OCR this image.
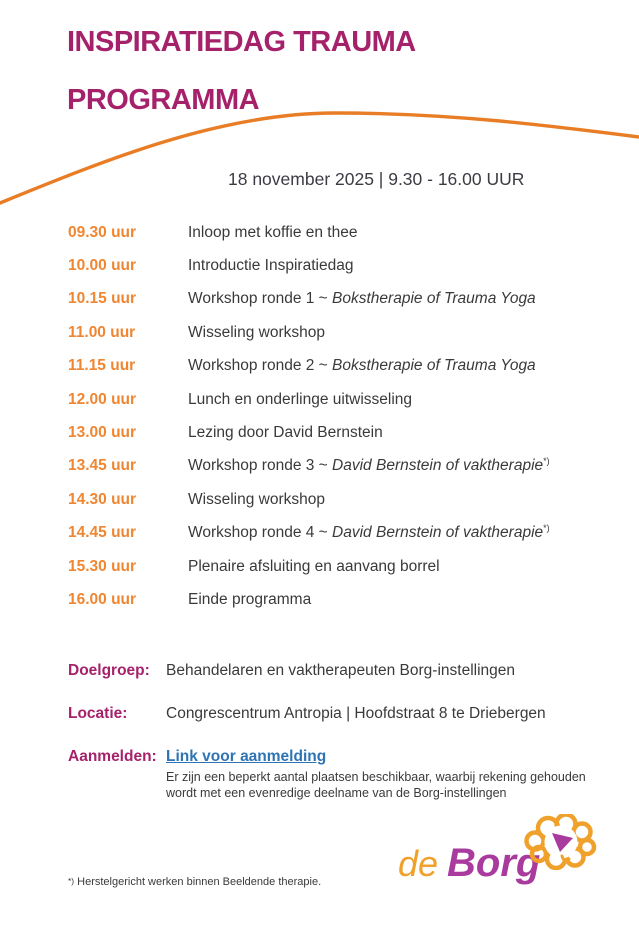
INSPIRATIEDAG TRAUMA
PROGRAMMA
18 november 2025 | 9.30 - 16.00 UUR
09.30 uur	Inloop met koffie en thee
10.00 uur	Introductie Inspiratiedag
10.15 uur	Workshop ronde 1 ~ Bokstherapie of Trauma Yoga
11.00 uur	Wisseling workshop
11.15 uur	Workshop ronde 2 ~ Bokstherapie of Trauma Yoga
12.00 uur	Lunch en onderlinge uitwisseling
13.00 uur	Lezing door David Bernstein
13.45 uur	Workshop ronde 3 ~ David Bernstein of vaktherapie*)
14.30 uur	Wisseling workshop
14.45 uur	Workshop ronde 4 ~ David Bernstein of vaktherapie*)
15.30 uur	Plenaire afsluiting en aanvang borrel
16.00 uur	Einde programma
Doelgroep:	Behandelaren en vaktherapeuten Borg-instellingen
Locatie:	Congrescentrum Antropia | Hoofdstraat 8 te Driebergen
Aanmelden: Link voor aanmelding
Er zijn een beperkt aantal plaatsen beschikbaar, waarbij rekening gehouden
wordt met een evenredige deelname van de Borg-instellingen
de Borg
*) Herstelgericht werken binnen Beeldende therapie.
